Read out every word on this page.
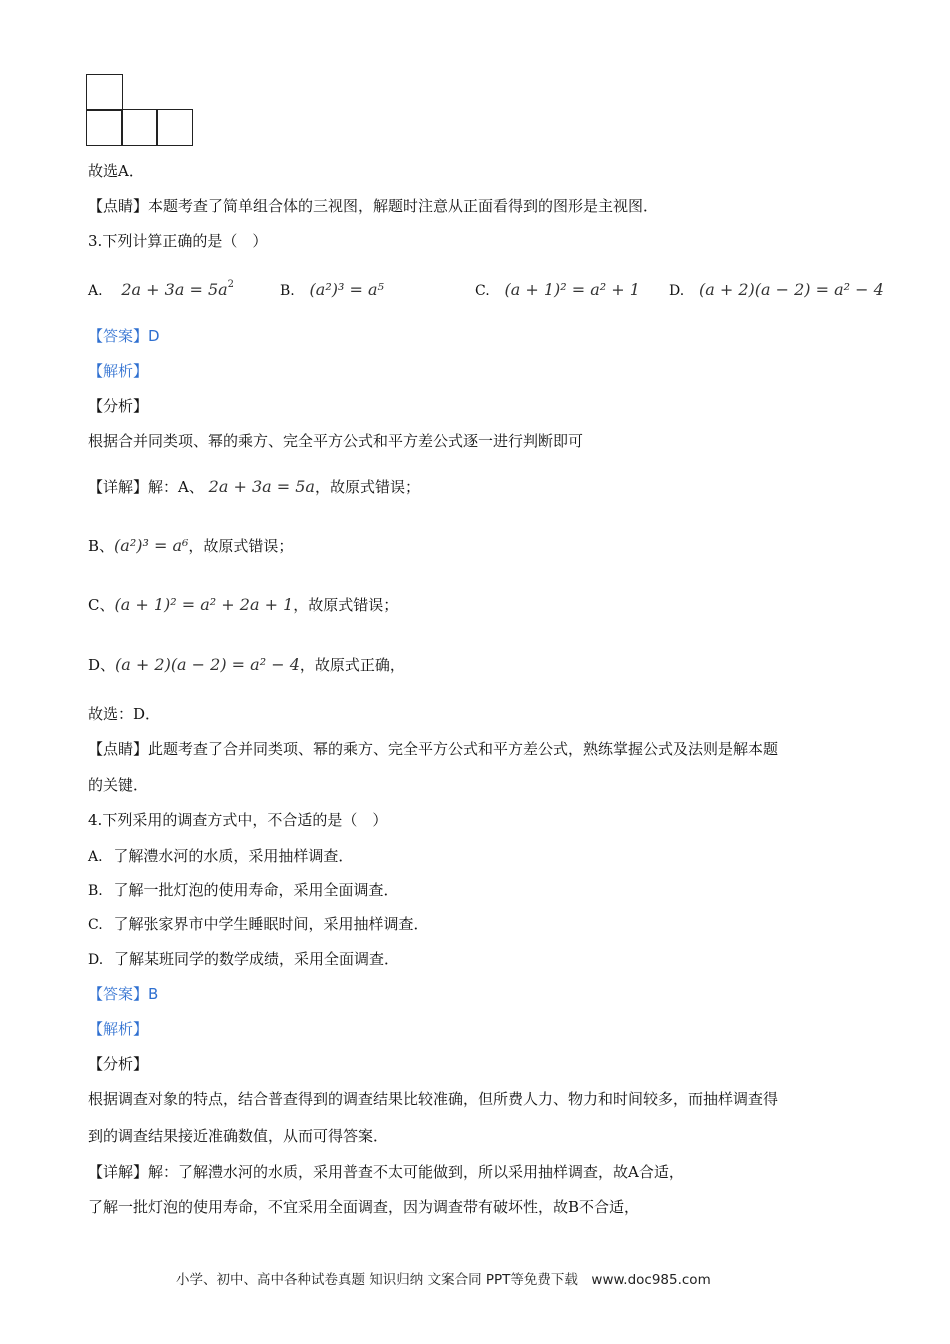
故选A．
【点睛】本题考查了简单组合体的三视图，解题时注意从正面看得到的图形是主视图．
3.下列计算正确的是（　）
A. $2a + 3a = 5a^2$	B. (a²)³ = a⁵	C. (a + 1)² = a² + 1 D. (a + 2)(a − 2) = a² − 4
【答案】D
【解析】
【分析】
根据合并同类项、幂的乘方、完全平方公式和平方差公式逐一进行判断即可
【详解】解：A、 2a + 3a = 5a，故原式错误；
B、(a²)³ = a⁶，故原式错误；
C、(a + 1)² = a² + 2a + 1，故原式错误；
D、(a + 2)(a − 2) = a² − 4，故原式正确，
故选：D．
【点睛】此题考查了合并同类项、幂的乘方、完全平方公式和平方差公式，熟练掌握公式及法则是解本题
的关键．
4.下列采用的调查方式中，不合适的是（　）
A. 了解澧水河的水质，采用抽样调查．
B. 了解一批灯泡的使用寿命，采用全面调查．
C. 了解张家界市中学生睡眠时间，采用抽样调查．
D. 了解某班同学的数学成绩，采用全面调查．
【答案】B
【解析】
【分析】
根据调查对象的特点，结合普查得到的调查结果比较准确，但所费人力、物力和时间较多，而抽样调查得
到的调查结果接近准确数值，从而可得答案．
【详解】解：了解澧水河的水质，采用普查不太可能做到，所以采用抽样调查，故A合适，
了解一批灯泡的使用寿命，不宜采用全面调查，因为调查带有破坏性，故B不合适，
小学、初中、高中各种试卷真题 知识归纳 文案合同 PPT等免费下载　www.doc985.com
